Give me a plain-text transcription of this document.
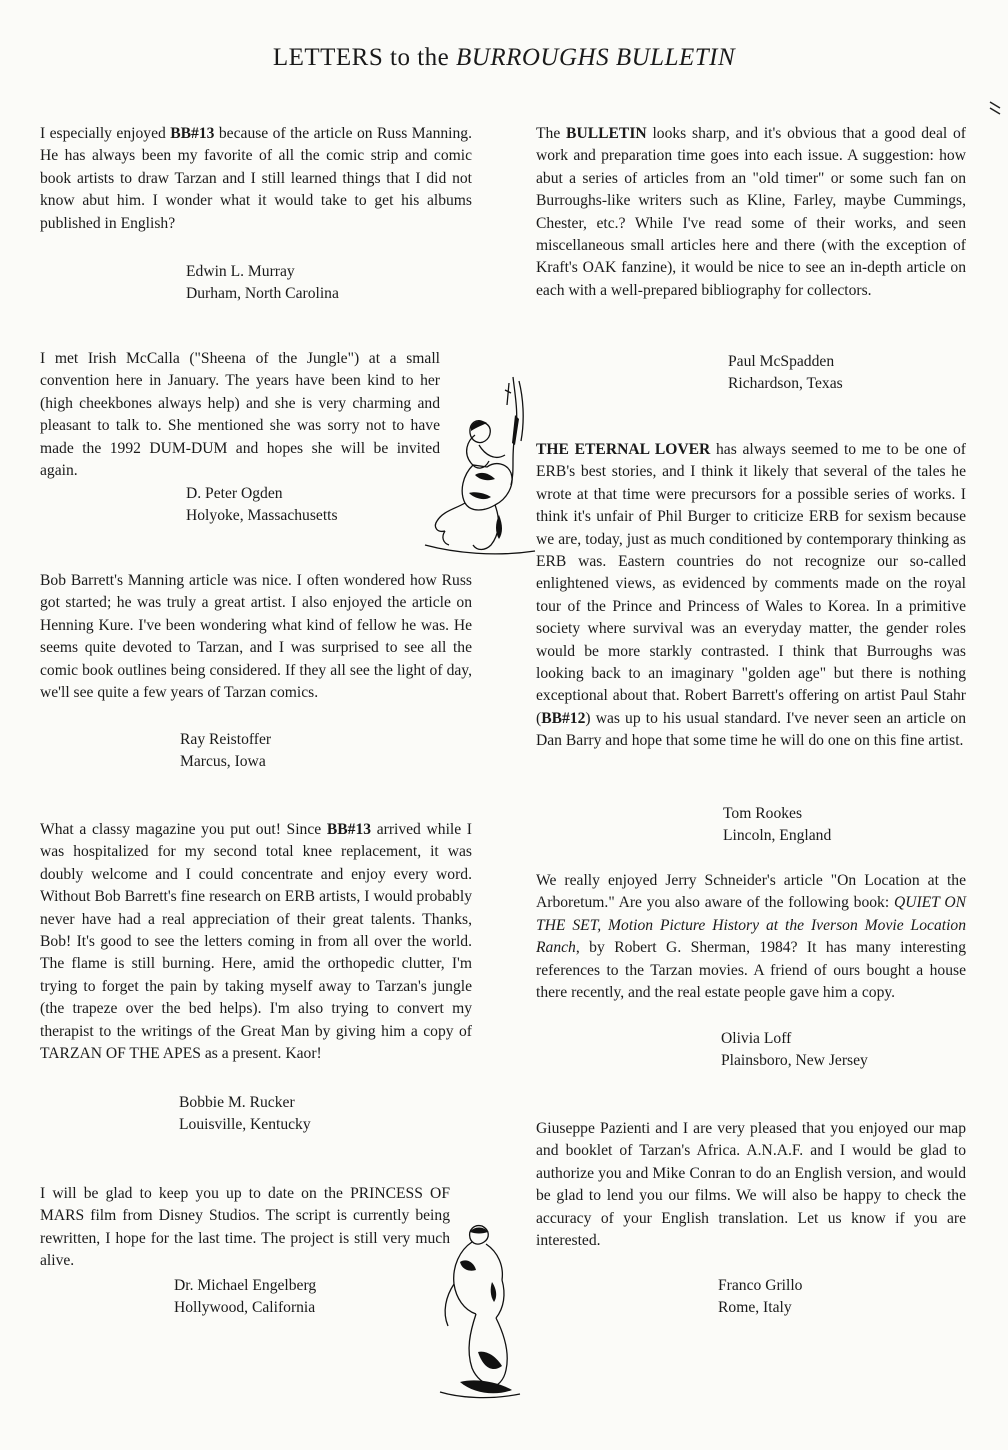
LETTERS to the BURROUGHS BULLETIN
I especially enjoyed BB#13 because of the article on Russ Manning. He has always been my favorite of all the comic strip and comic book artists to draw Tarzan and I still learned things that I did not know abut him. I wonder what it would take to get his albums published in English?
Edwin L. Murray
Durham, North Carolina
I met Irish McCalla ("Sheena of the Jungle") at a small convention here in January. The years have been kind to her (high cheekbones always help) and she is very charming and pleasant to talk to. She mentioned she was sorry not to have made the 1992 DUM-DUM and hopes she will be invited again.
D. Peter Ogden
Holyoke, Massachusetts
Bob Barrett's Manning article was nice. I often wondered how Russ got started; he was truly a great artist. I also enjoyed the article on Henning Kure. I've been wondering what kind of fellow he was. He seems quite devoted to Tarzan, and I was surprised to see all the comic book outlines being considered. If they all see the light of day, we'll see quite a few years of Tarzan comics.
Ray Reistoffer
Marcus, Iowa
What a classy magazine you put out! Since BB#13 arrived while I was hospitalized for my second total knee replacement, it was doubly welcome and I could concentrate and enjoy every word. Without Bob Barrett's fine research on ERB artists, I would probably never have had a real appreciation of their great talents. Thanks, Bob! It's good to see the letters coming in from all over the world. The flame is still burning. Here, amid the orthopedic clutter, I'm trying to forget the pain by taking myself away to Tarzan's jungle (the trapeze over the bed helps). I'm also trying to convert my therapist to the writings of the Great Man by giving him a copy of TARZAN OF THE APES as a present. Kaor!
Bobbie M. Rucker
Louisville, Kentucky
I will be glad to keep you up to date on the PRINCESS OF MARS film from Disney Studios. The script is currently being rewritten, I hope for the last time. The project is still very much alive.
Dr. Michael Engelberg
Hollywood, California
The BULLETIN looks sharp, and it's obvious that a good deal of work and preparation time goes into each issue. A suggestion: how abut a series of articles from an "old timer" or some such fan on Burroughs-like writers such as Kline, Farley, maybe Cummings, Chester, etc.? While I've read some of their works, and seen miscellaneous small articles here and there (with the exception of Kraft's OAK fanzine), it would be nice to see an in-depth article on each with a well-prepared bibliography for collectors.
Paul McSpadden
Richardson, Texas
THE ETERNAL LOVER has always seemed to me to be one of ERB's best stories, and I think it likely that several of the tales he wrote at that time were precursors for a possible series of works. I think it's unfair of Phil Burger to criticize ERB for sexism because we are, today, just as much conditioned by contemporary thinking as ERB was. Eastern countries do not recognize our so-called enlightened views, as evidenced by comments made on the royal tour of the Prince and Princess of Wales to Korea. In a primitive society where survival was an everyday matter, the gender roles would be more starkly contrasted. I think that Burroughs was looking back to an imaginary "golden age" but there is nothing exceptional about that. Robert Barrett's offering on artist Paul Stahr (BB#12) was up to his usual standard. I've never seen an article on Dan Barry and hope that some time he will do one on this fine artist.
Tom Rookes
Lincoln, England
We really enjoyed Jerry Schneider's article "On Location at the Arboretum." Are you also aware of the following book: QUIET ON THE SET, Motion Picture History at the Iverson Movie Location Ranch, by Robert G. Sherman, 1984? It has many interesting references to the Tarzan movies. A friend of ours bought a house there recently, and the real estate people gave him a copy.
Olivia Loff
Plainsboro, New Jersey
Giuseppe Pazienti and I are very pleased that you enjoyed our map and booklet of Tarzan's Africa. A.N.A.F. and I would be glad to authorize you and Mike Conran to do an English version, and would be glad to lend you our films. We will also be happy to check the accuracy of your English translation. Let us know if you are interested.
Franco Grillo
Rome, Italy
